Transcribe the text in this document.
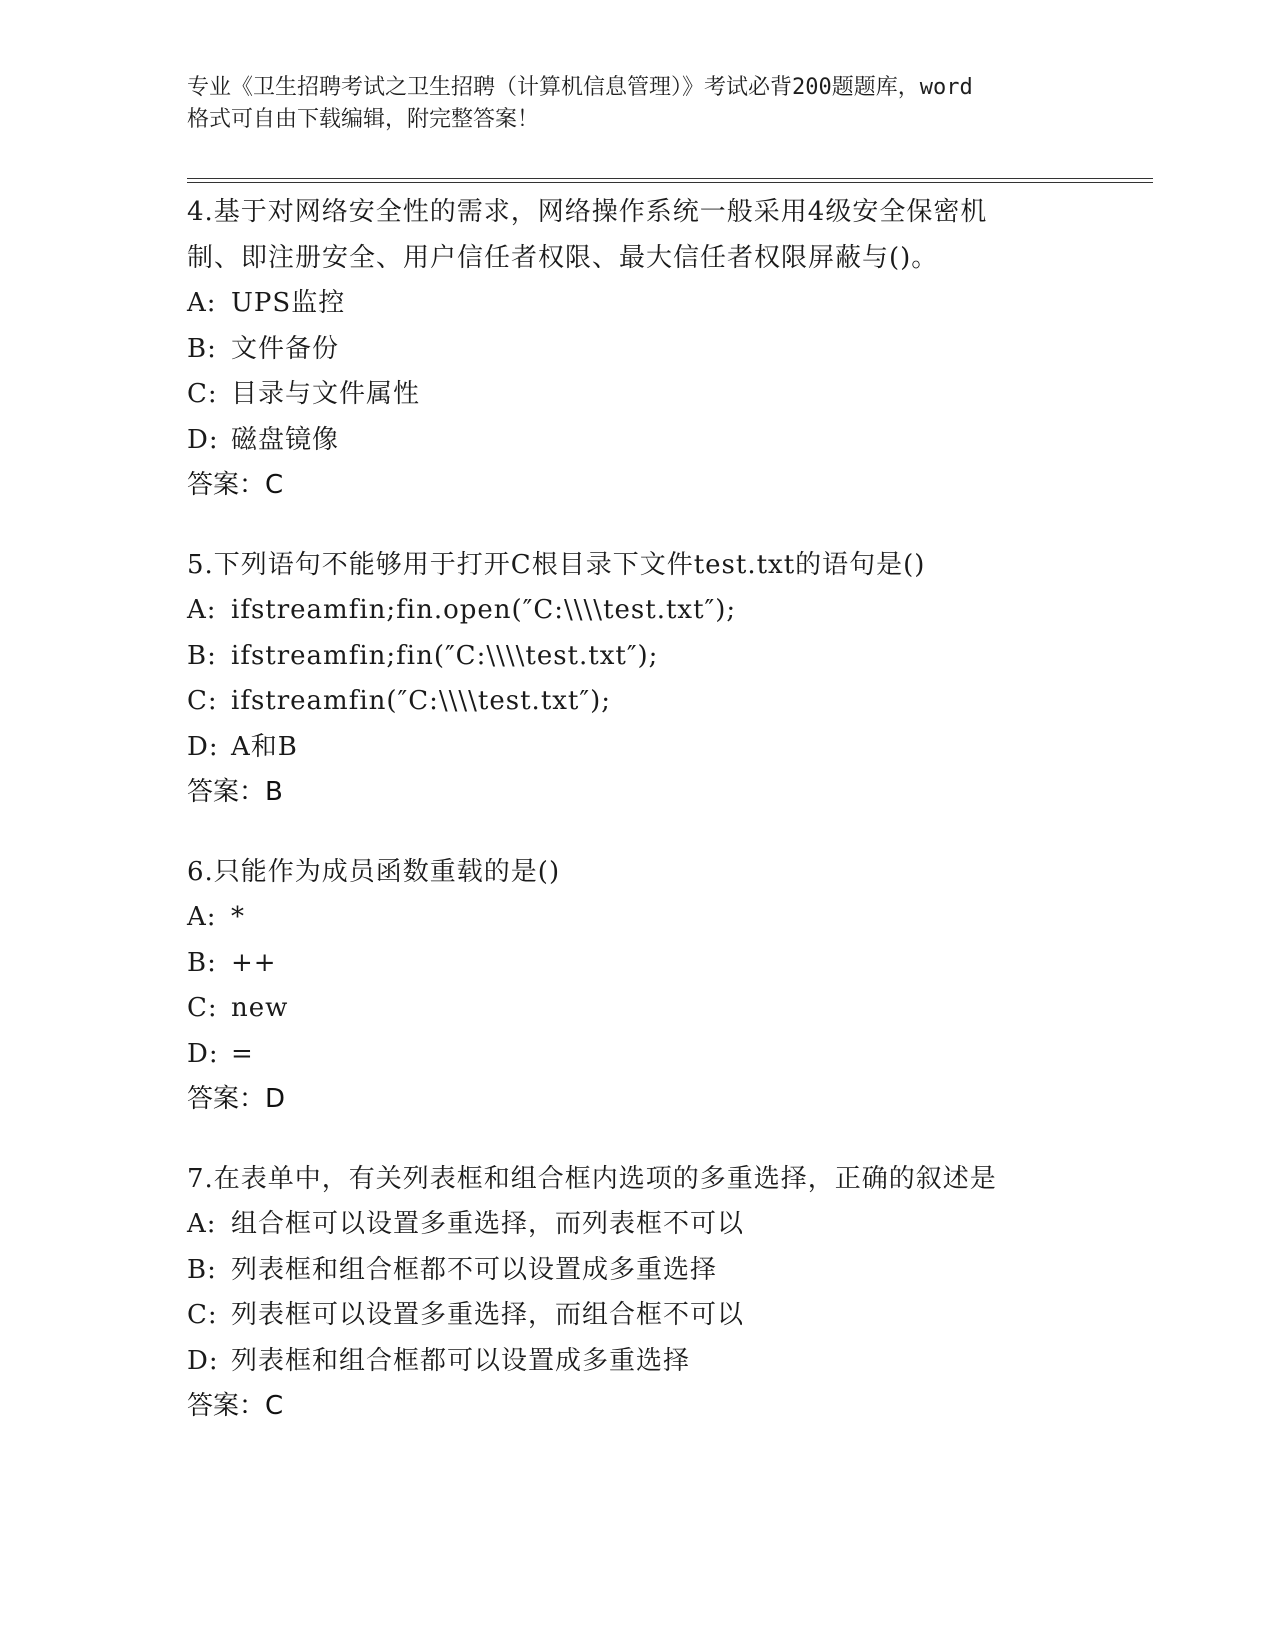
专业《卫生招聘考试之卫生招聘（计算机信息管理）》考试必背200题题库，word
格式可自由下载编辑，附完整答案！
4.基于对网络安全性的需求，网络操作系统一般采用4级安全保密机
制、即注册安全、用户信任者权限、最大信任者权限屏蔽与()。
A: UPS监控
B: 文件备份
C: 目录与文件属性
D: 磁盘镜像
答案：C
5.下列语句不能够用于打开C根目录下文件test.txt的语句是()
A: ifstreamfin;fin.open(″C:\\\\test.txt″);
B: ifstreamfin;fin(″C:\\\\test.txt″);
C: ifstreamfin(″C:\\\\test.txt″);
D: A和B
答案：B
6.只能作为成员函数重载的是()
A: *
B: ++
C: new
D: =
答案：D
7.在表单中，有关列表框和组合框内选项的多重选择，正确的叙述是
A: 组合框可以设置多重选择，而列表框不可以
B: 列表框和组合框都不可以设置成多重选择
C: 列表框可以设置多重选择，而组合框不可以
D: 列表框和组合框都可以设置成多重选择
答案：C
